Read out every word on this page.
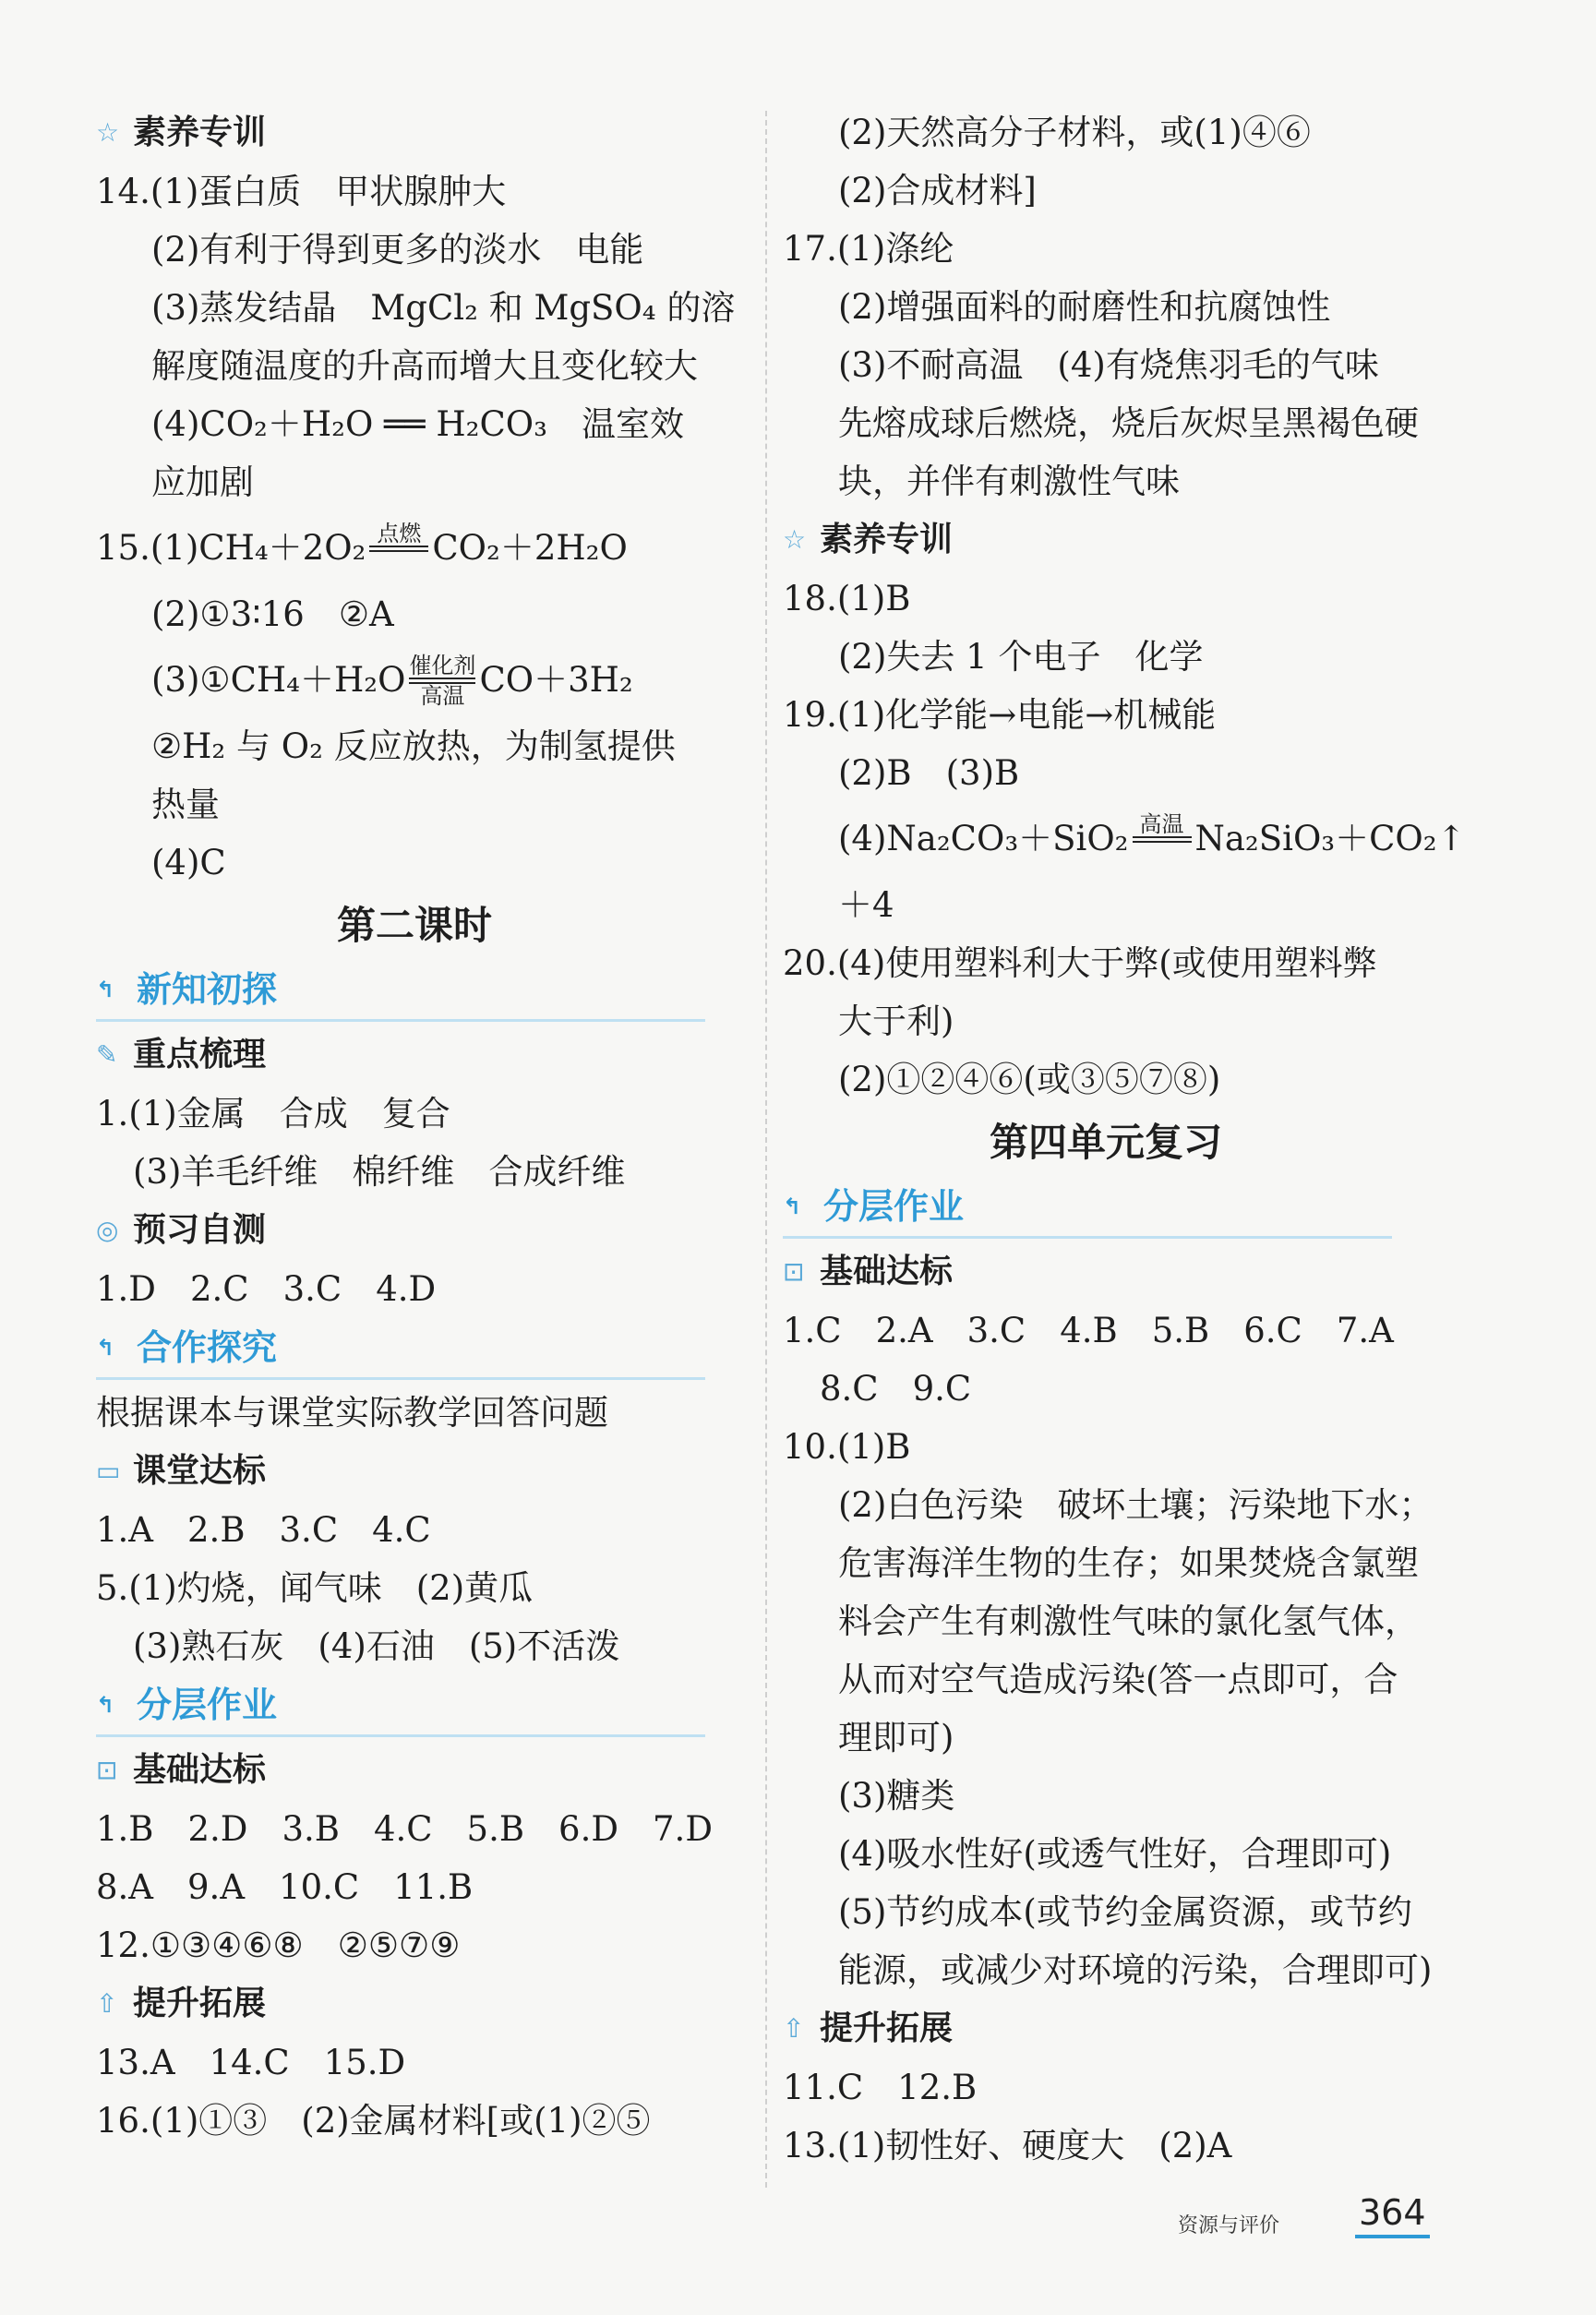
☆ 素养专训
14.(1)蛋白质　甲状腺肿大
(2)有利于得到更多的淡水　电能
(3)蒸发结晶　MgCl₂ 和 MgSO₄ 的溶
解度随温度的升高而增大且变化较大
(4)CO₂＋H₂O ══ H₂CO₃　温室效
应加剧
15.(1)CH₄＋2O₂ 点燃
CO₂＋2H₂O
(2)①3∶16　②A
(3)①CH₄＋H₂O 催化剂
高温 CO＋3H₂
②H₂ 与 O₂ 反应放热，为制氢提供
热量
(4)C
第二课时
↰ 新知初探
✎ 重点梳理
1.(1)金属　合成　复合
(3)羊毛纤维　棉纤维　合成纤维
◎ 预习自测
1.D　2.C　3.C　4.D
↰ 合作探究
根据课本与课堂实际教学回答问题
▭ 课堂达标
1.A　2.B　3.C　4.C
5.(1)灼烧，闻气味　(2)黄瓜
(3)熟石灰　(4)石油　(5)不活泼
↰ 分层作业
⊡ 基础达标
1.B　2.D　3.B　4.C　5.B　6.D　7.D
8.A　9.A　10.C　11.B
12.①③④⑥⑧　②⑤⑦⑨
⇧ 提升拓展
13.A　14.C　15.D
16.(1)①③　(2)金属材料[或(1)②⑤
(2)天然高分子材料，或(1)④⑥
(2)合成材料]
17.(1)涤纶
(2)增强面料的耐磨性和抗腐蚀性
(3)不耐高温　(4)有烧焦羽毛的气味
先熔成球后燃烧，烧后灰烬呈黑褐色硬
块，并伴有刺激性气味
☆ 素养专训
18.(1)B
(2)失去 1 个电子　化学
19.(1)化学能→电能→机械能
(2)B　(3)B
(4)Na₂CO₃＋SiO₂ 高温
Na₂SiO₃＋CO₂↑
＋4
20.(4)使用塑料利大于弊(或使用塑料弊
大于利)
(2)①②④⑥(或③⑤⑦⑧)
第四单元复习
↰ 分层作业
⊡ 基础达标
1.C　2.A　3.C　4.B　5.B　6.C　7.A
8.C　9.C
10.(1)B
(2)白色污染　破坏土壤；污染地下水；
危害海洋生物的生存；如果焚烧含氯塑
料会产生有刺激性气味的氯化氢气体，
从而对空气造成污染(答一点即可，合
理即可)
(3)糖类
(4)吸水性好(或透气性好，合理即可)
(5)节约成本(或节约金属资源，或节约
能源，或减少对环境的污染，合理即可)
⇧ 提升拓展
11.C　12.B
13.(1)韧性好、硬度大　(2)A
资源与评价 364
